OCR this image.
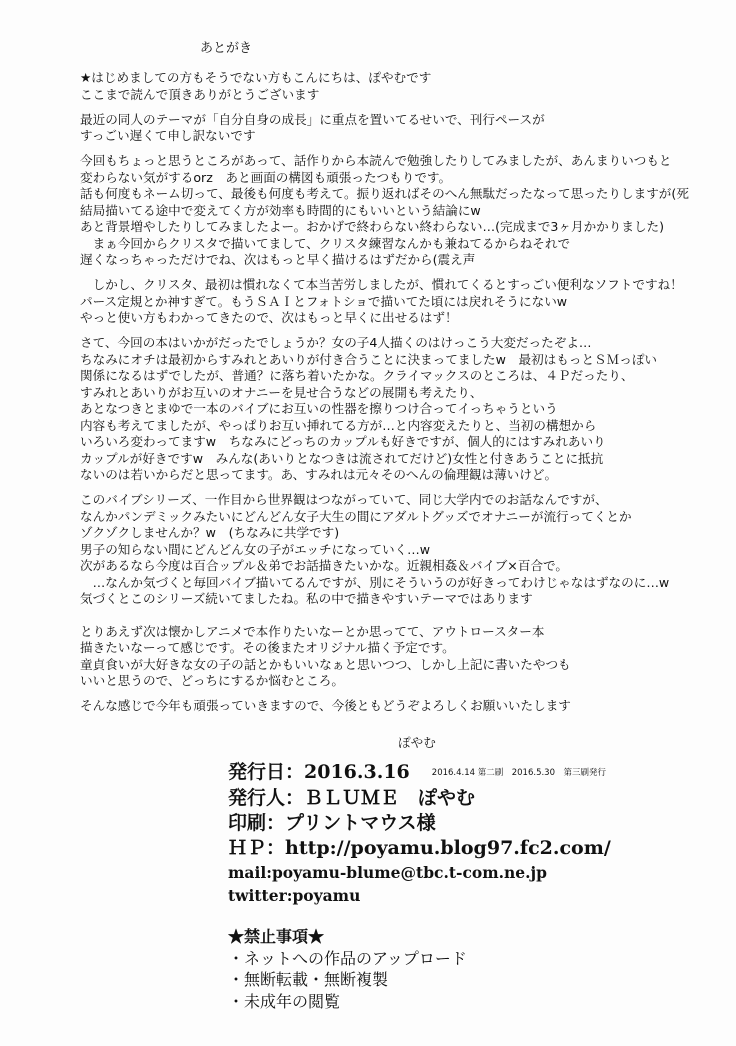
あとがき
★はじめましての方もそうでない方もこんにちは、ぽやむです
ここまで読んで頂きありがとうございます
最近の同人のテーマが「自分自身の成長」に重点を置いてるせいで、刊行ペースが
すっごい遅くて申し訳ないです
今回もちょっと思うところがあって、話作りから本読んで勉強したりしてみましたが、あんまりいつもと
変わらない気がするorz　あと画面の構図も頑張ったつもりです。
話も何度もネーム切って、最後も何度も考えて。振り返ればそのへん無駄だったなって思ったりしますが(死
結局描いてる途中で変えてく方が効率も時間的にもいいという結論にw
あと背景増やしたりしてみましたよー。おかげで終わらない終わらない…(完成まで3ヶ月かかりました)
　まぁ今回からクリスタで描いてまして、クリスタ練習なんかも兼ねてるからねそれで
遅くなっちゃっただけでね、次はもっと早く描けるはずだから(震え声
　しかし、クリスタ、最初は慣れなくて本当苦労しましたが、慣れてくるとすっごい便利なソフトですね！
パース定規とか神すぎて。もうＳＡＩとフォトショで描いてた頃には戻れそうにないw
やっと使い方もわかってきたので、次はもっと早くに出せるはず！
さて、今回の本はいかがだったでしょうか？女の子4人描くのはけっこう大変だったぞよ…
ちなみにオチは最初からすみれとあいりが付き合うことに決まってましたw　最初はもっとＳＭっぽい
関係になるはずでしたが、普通？に落ち着いたかな。クライマックスのところは、４Ｐだったり、
すみれとあいりがお互いのオナニーを見せ合うなどの展開も考えたり、
あとなつきとまゆで一本のバイブにお互いの性器を擦りつけ合ってイっちゃうという
内容も考えてましたが、やっぱりお互い挿れてる方が…と内容変えたりと、当初の構想から
いろいろ変わってますw　ちなみにどっちのカップルも好きですが、個人的にはすみれあいり
カップルが好きですw　みんな(あいりとなつきは流されてだけど)女性と付きあうことに抵抗
ないのは若いからだと思ってます。あ、すみれは元々そのへんの倫理観は薄いけど。
このバイブシリーズ、一作目から世界観はつながっていて、同じ大学内でのお話なんですが、
なんかパンデミックみたいにどんどん女子大生の間にアダルトグッズでオナニーが流行ってくとか
ゾクゾクしませんか？w　(ちなみに共学です)
男子の知らない間にどんどん女の子がエッチになっていく…w
次があるなら今度は百合ップル＆弟でお話描きたいかな。近親相姦＆バイブ×百合で。
　…なんか気づくと毎回バイブ描いてるんですが、別にそういうのが好きってわけじゃなはずなのに…w
気づくとこのシリーズ続いてましたね。私の中で描きやすいテーマではあります
とりあえず次は懐かしアニメで本作りたいなーとか思ってて、アウトロースター本
描きたいなーって感じです。その後またオリジナル描く予定です。
童貞食いが大好きな女の子の話とかもいいなぁと思いつつ、しかし上記に書いたやつも
いいと思うので、どっちにするか悩むところ。
そんな感じで今年も頑張っていきますので、今後ともどうぞよろしくお願いいたします
ぽやむ
発行日：2016.3.16	2016.4.14 第二刷　2016.5.30　第三刷発行
発行人：ＢＬＵＭＥ　ぽやむ
印刷：プリントマウス様
ＨＰ：http://poyamu.blog97.fc2.com/
mail:poyamu-blume@tbc.t-com.ne.jp
twitter:poyamu
★禁止事項★
・ネットへの作品のアップロード
・無断転載・無断複製
・未成年の閲覧
